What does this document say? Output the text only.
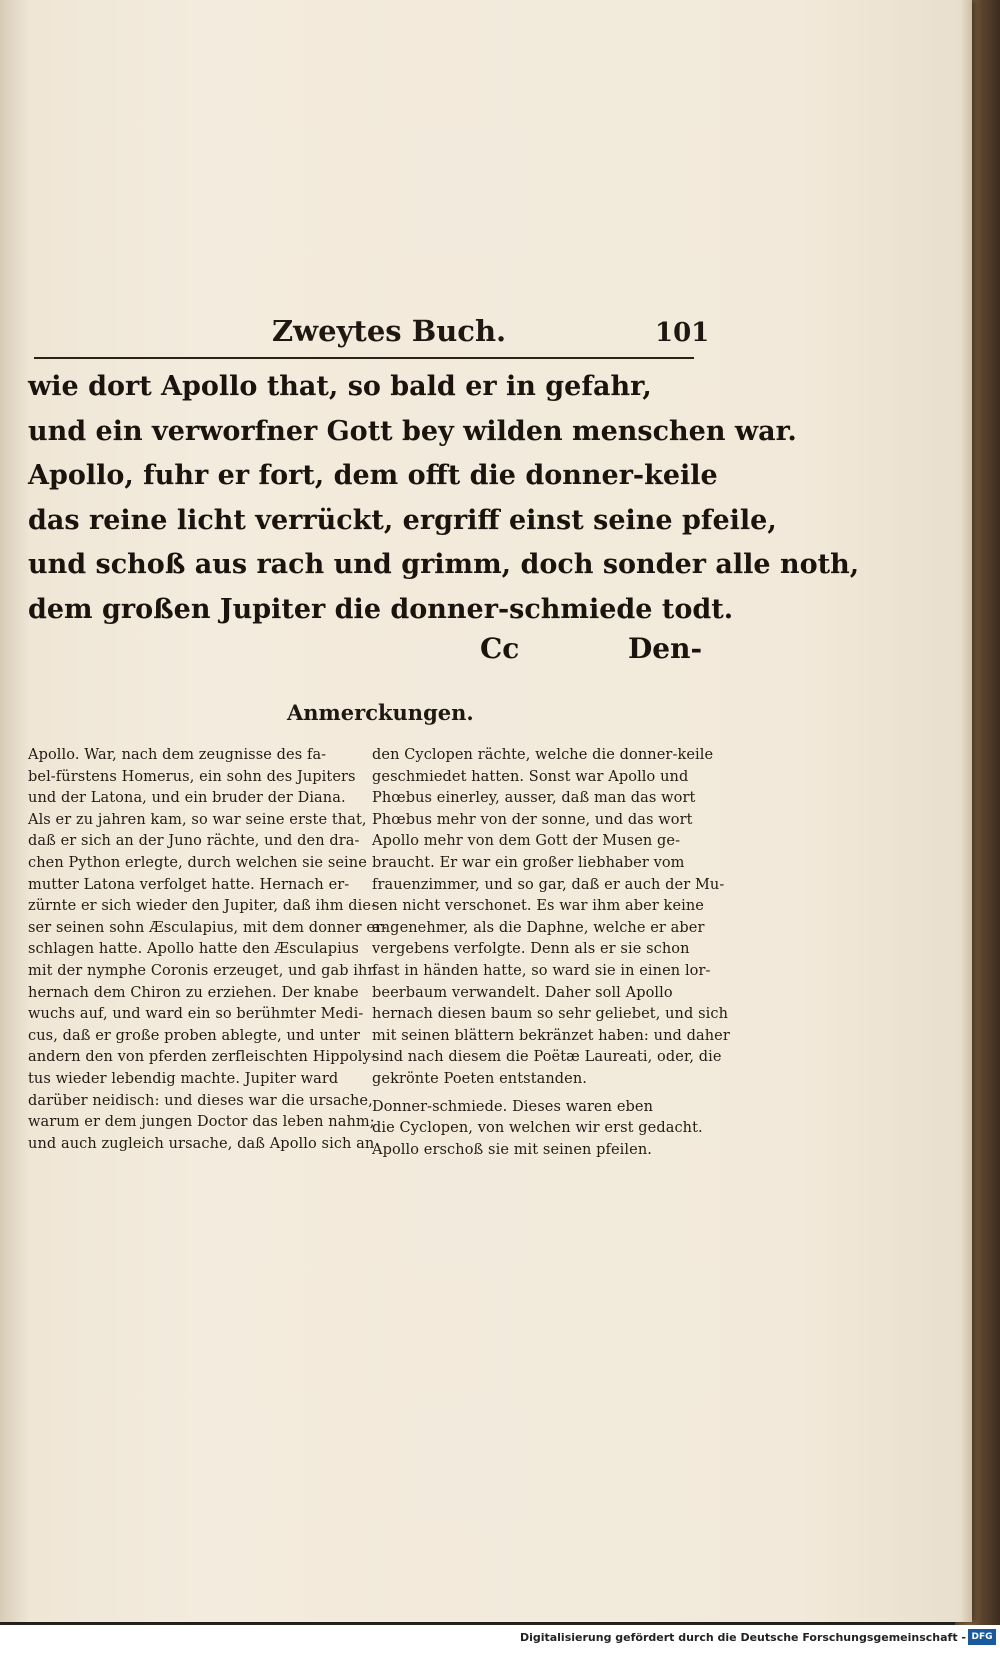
Zweytes Buch.	101
wie dort Apollo that, so bald er in gefahr,
und ein verworfner Gott bey wilden menschen war.
Apollo, fuhr er fort, dem offt die donner-keile
das reine licht verrückt, ergriff einst seine pfeile,
und schoß aus rach und grimm, doch sonder alle noth,
dem großen Jupiter die donner-schmiede todt.
Cc	Den-
Anmerckungen.
Apollo. War, nach dem zeugnisse des fa-
bel-fürstens Homerus, ein sohn des Jupiters
und der Latona, und ein bruder der Diana.
Als er zu jahren kam, so war seine erste that,
daß er sich an der Juno rächte, und den dra-
chen Python erlegte, durch welchen sie seine
mutter Latona verfolget hatte. Hernach er-
zürnte er sich wieder den Jupiter, daß ihm die-
ser seinen sohn Æsculapius, mit dem donner er-
schlagen hatte. Apollo hatte den Æsculapius
mit der nymphe Coronis erzeuget, und gab ihn
hernach dem Chiron zu erziehen. Der knabe
wuchs auf, und ward ein so berühmter Medi-
cus, daß er große proben ablegte, und unter
andern den von pferden zerfleischten Hippoly-
tus wieder lebendig machte. Jupiter ward
darüber neidisch: und dieses war die ursache,
warum er dem jungen Doctor das leben nahm;
und auch zugleich ursache, daß Apollo sich an
den Cyclopen rächte, welche die donner-keile
geschmiedet hatten. Sonst war Apollo und
Phœbus einerley, ausser, daß man das wort
Phœbus mehr von der sonne, und das wort
Apollo mehr von dem Gott der Musen ge-
braucht. Er war ein großer liebhaber vom
frauenzimmer, und so gar, daß er auch der Mu-
sen nicht verschonet. Es war ihm aber keine
angenehmer, als die Daphne, welche er aber
vergebens verfolgte. Denn als er sie schon
fast in händen hatte, so ward sie in einen lor-
beerbaum verwandelt. Daher soll Apollo
hernach diesen baum so sehr geliebet, und sich
mit seinen blättern bekränzet haben: und daher
sind nach diesem die Poëtæ Laureati, oder, die
gekrönte Poeten entstanden.
Donner-schmiede. Dieses waren eben
die Cyclopen, von welchen wir erst gedacht.
Apollo erschoß sie mit seinen pfeilen.
Digitalisierung gefördert durch die Deutsche Forschungsgemeinschaft - DFG
